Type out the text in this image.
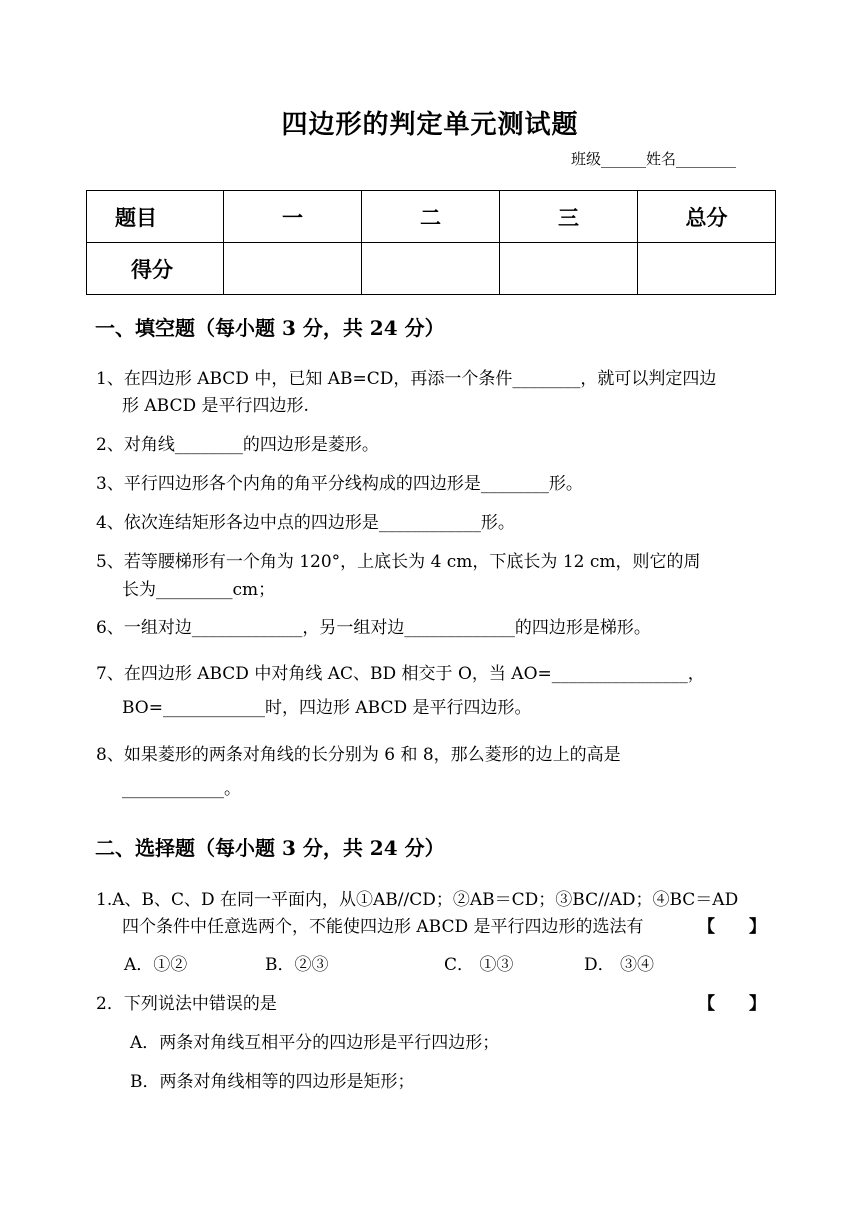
四边形的判定单元测试题
班级______姓名________
题目	一	二	三	总分
得分				
一、填空题（每小题 3 分，共 24 分）
1、在四边形 ABCD 中，已知 AB=CD，再添一个条件________，就可以判定四边
形 ABCD 是平行四边形.
2、对角线________的四边形是菱形。
3、平行四边形各个内角的角平分线构成的四边形是________形。
4、依次连结矩形各边中点的四边形是____________形。
5、若等腰梯形有一个角为 120°，上底长为 4 cm，下底长为 12 cm，则它的周
长为_________cm；
6、一组对边_____________，另一组对边_____________的四边形是梯形。
7、在四边形 ABCD 中对角线 AC、BD 相交于 O，当 AO=________________，
BO=____________时，四边形 ABCD 是平行四边形。
8、如果菱形的两条对角线的长分别为 6 和 8，那么菱形的边上的高是
____________。
二、选择题（每小题 3 分，共 24 分）
1.A、B、C、D 在同一平面内，从①AB//CD；②AB＝CD；③BC//AD；④BC＝AD
四个条件中任意选两个，不能使四边形 ABCD 是平行四边形的选法有	【　　】
A．①②	B．②③	C． ①③	D． ③④
2．下列说法中错误的是	【　　】
A．两条对角线互相平分的四边形是平行四边形；
B．两条对角线相等的四边形是矩形；
